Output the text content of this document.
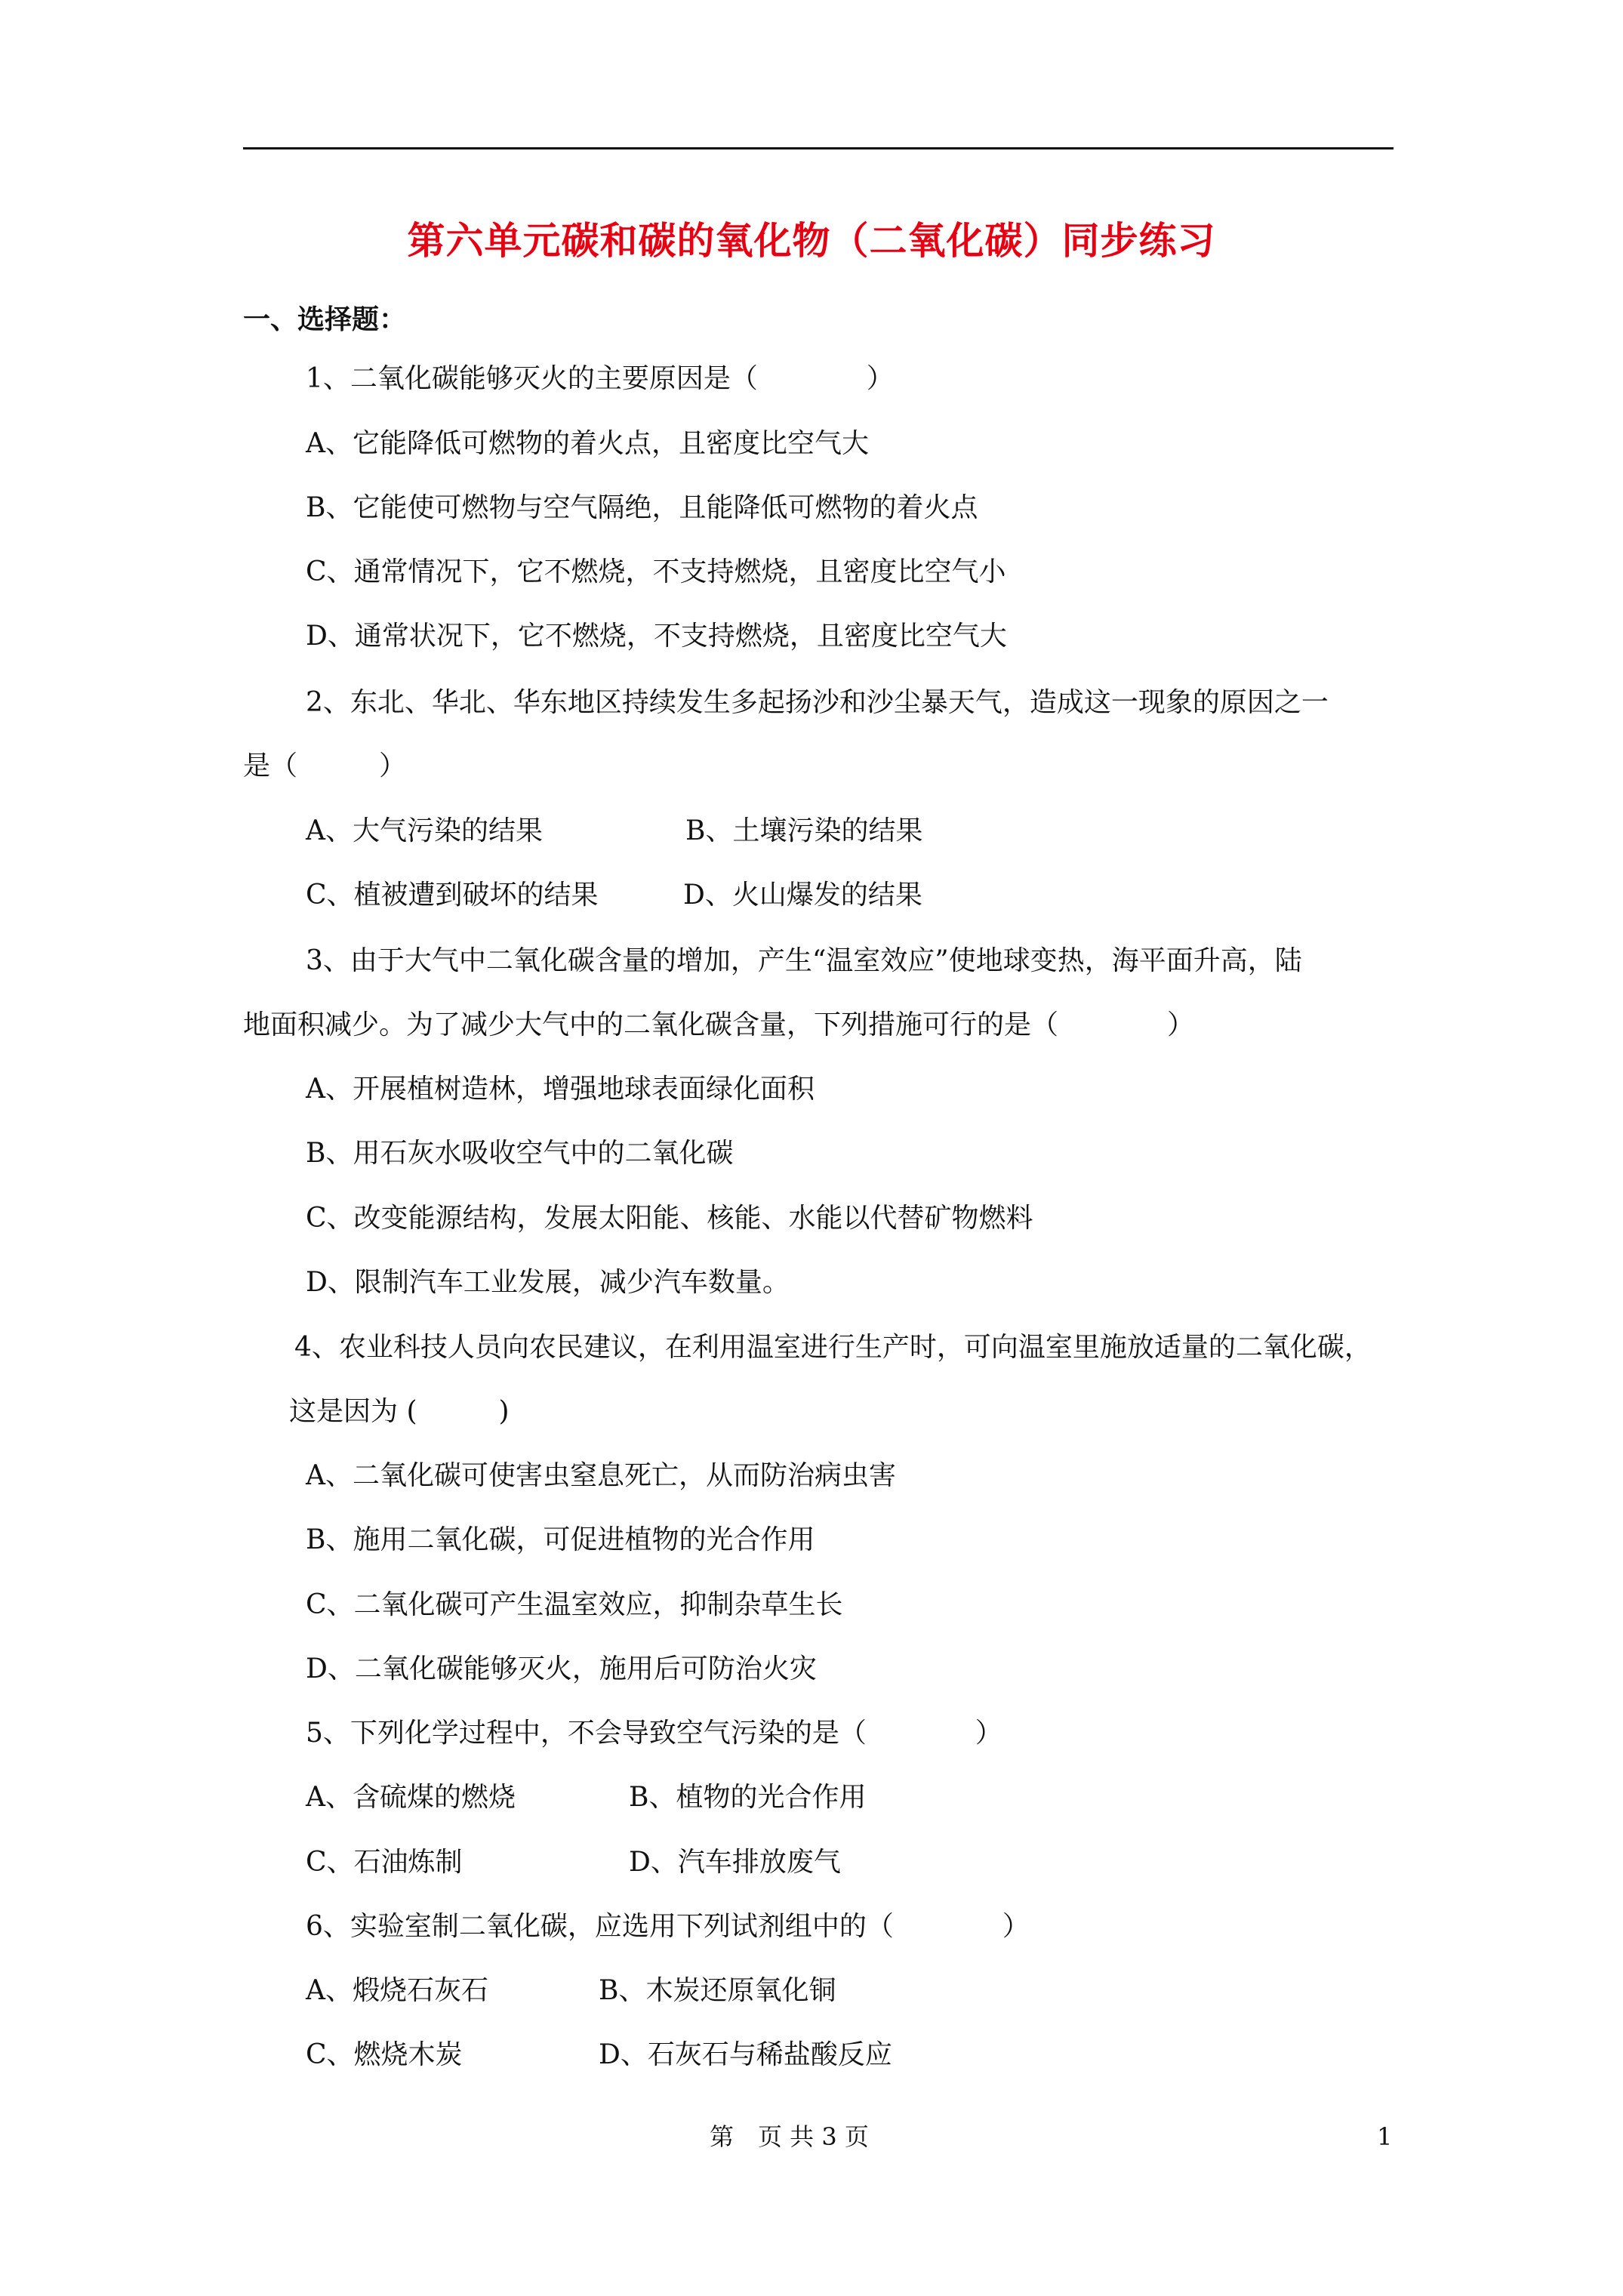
第六单元碳和碳的氧化物（二氧化碳）同步练习
一、选择题：
1、二氧化碳能够灭火的主要原因是（　　　　）
A、它能降低可燃物的着火点，且密度比空气大
B、它能使可燃物与空气隔绝，且能降低可燃物的着火点
C、通常情况下，它不燃烧，不支持燃烧，且密度比空气小
D、通常状况下，它不燃烧，不支持燃烧，且密度比空气大
2、东北、华北、华东地区持续发生多起扬沙和沙尘暴天气，造成这一现象的原因之一
是（　　　）
A、大气污染的结果	B、土壤污染的结果
C、植被遭到破坏的结果	D、火山爆发的结果
3、由于大气中二氧化碳含量的增加，产生“温室效应”使地球变热，海平面升高，陆
地面积减少。为了减少大气中的二氧化碳含量，下列措施可行的是（　　　　）
A、开展植树造林，增强地球表面绿化面积
B、用石灰水吸收空气中的二氧化碳
C、改变能源结构，发展太阳能、核能、水能以代替矿物燃料
D、限制汽车工业发展，减少汽车数量。
4、农业科技人员向农民建议，在利用温室进行生产时，可向温室里施放适量的二氧化碳，
这是因为 (　　　)
A、二氧化碳可使害虫窒息死亡，从而防治病虫害
B、施用二氧化碳，可促进植物的光合作用
C、二氧化碳可产生温室效应，抑制杂草生长
D、二氧化碳能够灭火，施用后可防治火灾
5、下列化学过程中，不会导致空气污染的是（　　　　）
A、含硫煤的燃烧	B、植物的光合作用
C、石油炼制	D、汽车排放废气
6、实验室制二氧化碳，应选用下列试剂组中的（　　　　）
A、煅烧石灰石	B、木炭还原氧化铜
C、燃烧木炭	D、石灰石与稀盐酸反应
第　页 共 3 页	1
